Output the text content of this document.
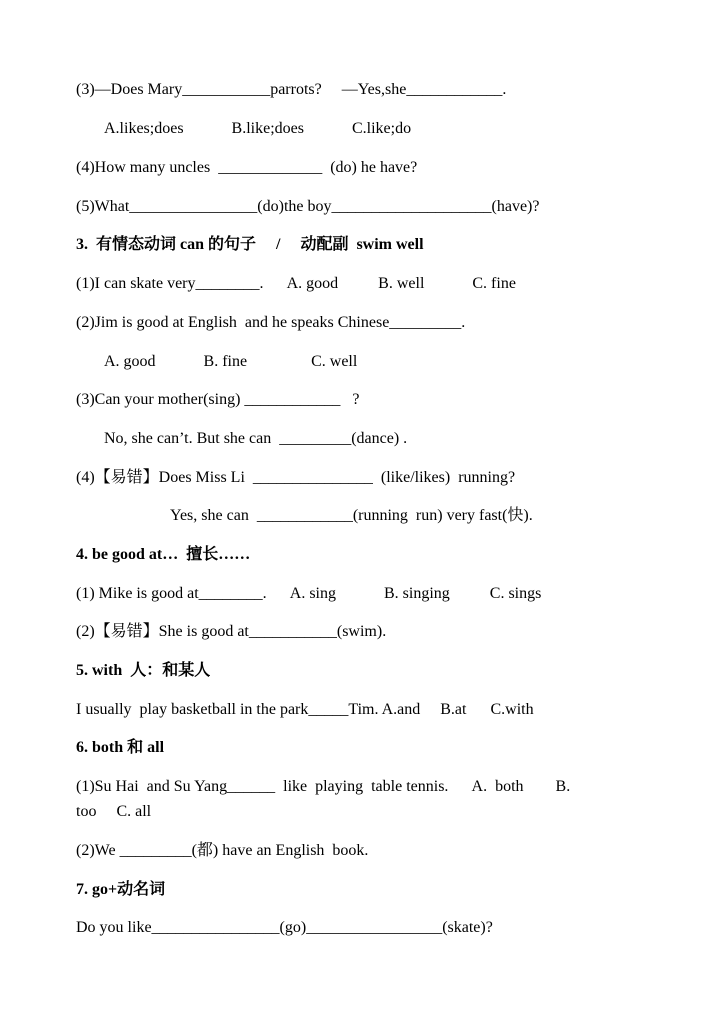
(3)—Does Mary___________parrots?     —Yes,she____________.
A.likes;does            B.like;does            C.like;do
(4)How many uncles  _____________  (do) he have?
(5)What________________(do)the boy____________________(have)?
3.  有情态动词 can 的句子     /     动配副  swim well
(1)I can skate very________.      A. good          B. well            C. fine
(2)Jim is good at English  and he speaks Chinese_________.
A. good            B. fine                C. well
(3)Can your mother(sing) ____________   ?
No, she can’t. But she can  _________(dance) .
(4)【易错】Does Miss Li  _______________  (like/likes)  running?
Yes, she can  ____________(running  run) very fast(快).
4. be good at…  擅长……
(1) Mike is good at________.      A. sing            B. singing          C. sings
(2)【易错】She is good at___________(swim).
5. with  人：和某人
I usually  play basketball in the park_____Tim. A.and     B.at      C.with
6. both 和 all
(1)Su Hai  and Su Yang______  like  playing  table tennis.      A.  both        B.
too     C. all
(2)We _________(都) have an English  book.
7. go+动名词
Do you like________________(go)_________________(skate)?
